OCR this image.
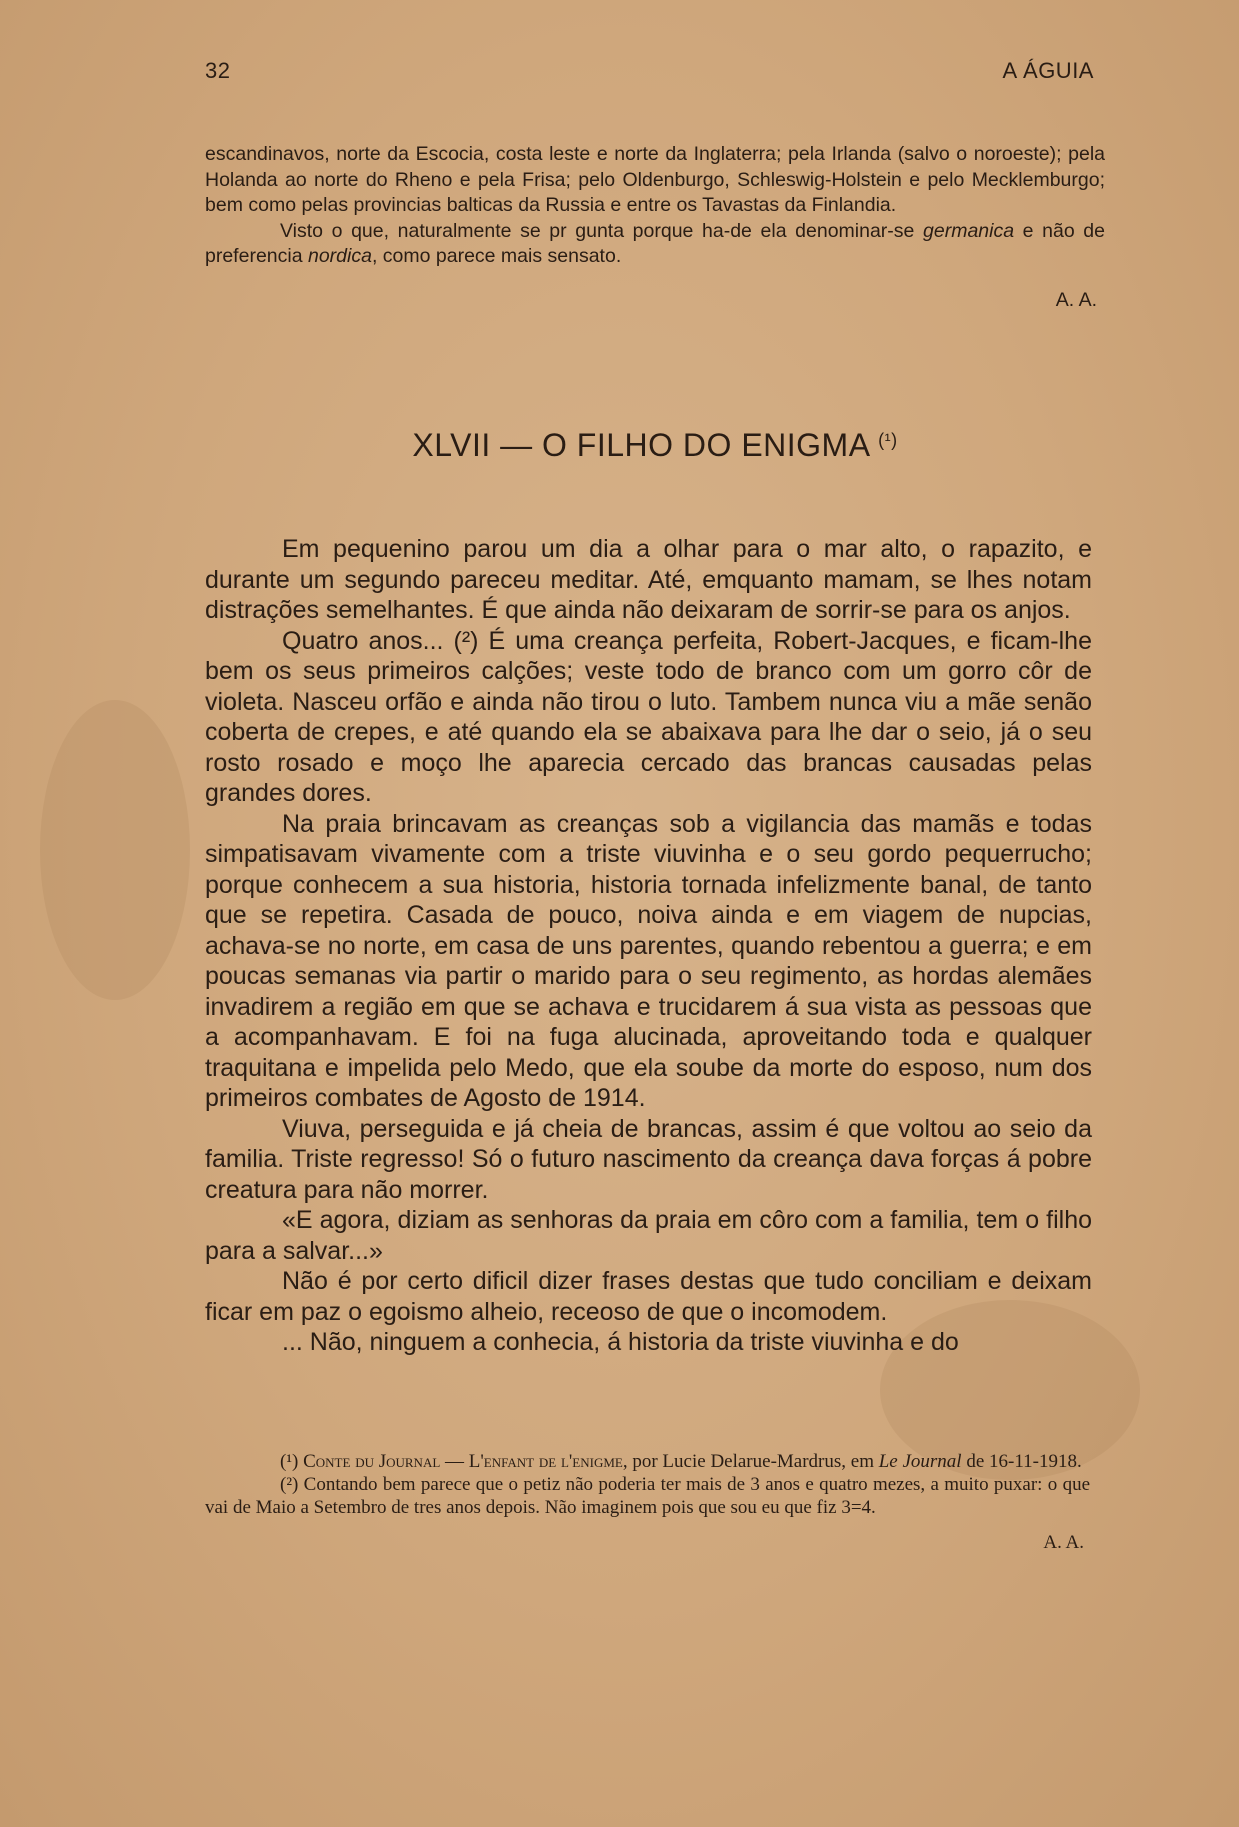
32	A ÁGUIA

escandinavos, norte da Escocia, costa leste e norte da Inglaterra; pela Irlanda (salvo o noroeste); pela Holanda ao norte do Rheno e pela Frisa; pelo Oldenburgo, Schleswig-Holstein e pelo Mecklemburgo; bem como pelas provincias balticas da Russia e entre os Tavastas da Finlandia.

Visto o que, naturalmente se pr gunta porque ha-de ela denominar-se germanica e não de preferencia nordica, como parece mais sensato.

A. A.

XLVII — O FILHO DO ENIGMA $^{(^1)}$

Em pequenino parou um dia a olhar para o mar alto, o rapazito, e durante um segundo pareceu meditar. Até, emquanto mamam, se lhes notam distrações semelhantes. É que ainda não deixaram de sorrir-se para os anjos.

Quatro anos... (²) É uma creança perfeita, Robert-Jacques, e ficam-lhe bem os seus primeiros calções; veste todo de branco com um gorro côr de violeta. Nasceu orfão e ainda não tirou o luto. Tambem nunca viu a mãe senão coberta de crepes, e até quando ela se abaixava para lhe dar o seio, já o seu rosto rosado e moço lhe aparecia cercado das brancas causadas pelas grandes dores.

Na praia brincavam as creanças sob a vigilancia das mamãs e todas simpatisavam vivamente com a triste viuvinha e o seu gordo pequerrucho; porque conhecem a sua historia, historia tornada infelizmente banal, de tanto que se repetira. Casada de pouco, noiva ainda e em viagem de nupcias, achava-se no norte, em casa de uns parentes, quando rebentou a guerra; e em poucas semanas via partir o marido para o seu regimento, as hordas alemães invadirem a região em que se achava e trucidarem á sua vista as pessoas que a acompanhavam. E foi na fuga alucinada, aproveitando toda e qualquer traquitana e impelida pelo Medo, que ela soube da morte do esposo, num dos primeiros combates de Agosto de 1914.

Viuva, perseguida e já cheia de brancas, assim é que voltou ao seio da familia. Triste regresso! Só o futuro nascimento da creança dava forças á pobre creatura para não morrer.

«E agora, diziam as senhoras da praia em côro com a familia, tem o filho para a salvar...»

Não é por certo dificil dizer frases destas que tudo conciliam e deixam ficar em paz o egoismo alheio, receoso de que o incomodem.

... Não, ninguem a conhecia, á historia da triste viuvinha e do

(¹) Conte du Journal — L'enfant de l'enigme, por Lucie Delarue-Mardrus, em Le Journal de 16-11-1918.

(²) Contando bem parece que o petiz não poderia ter mais de 3 anos e quatro mezes, a muito puxar: o que vai de Maio a Setembro de tres anos depois. Não imaginem pois que sou eu que fiz 3=4.

A. A.
